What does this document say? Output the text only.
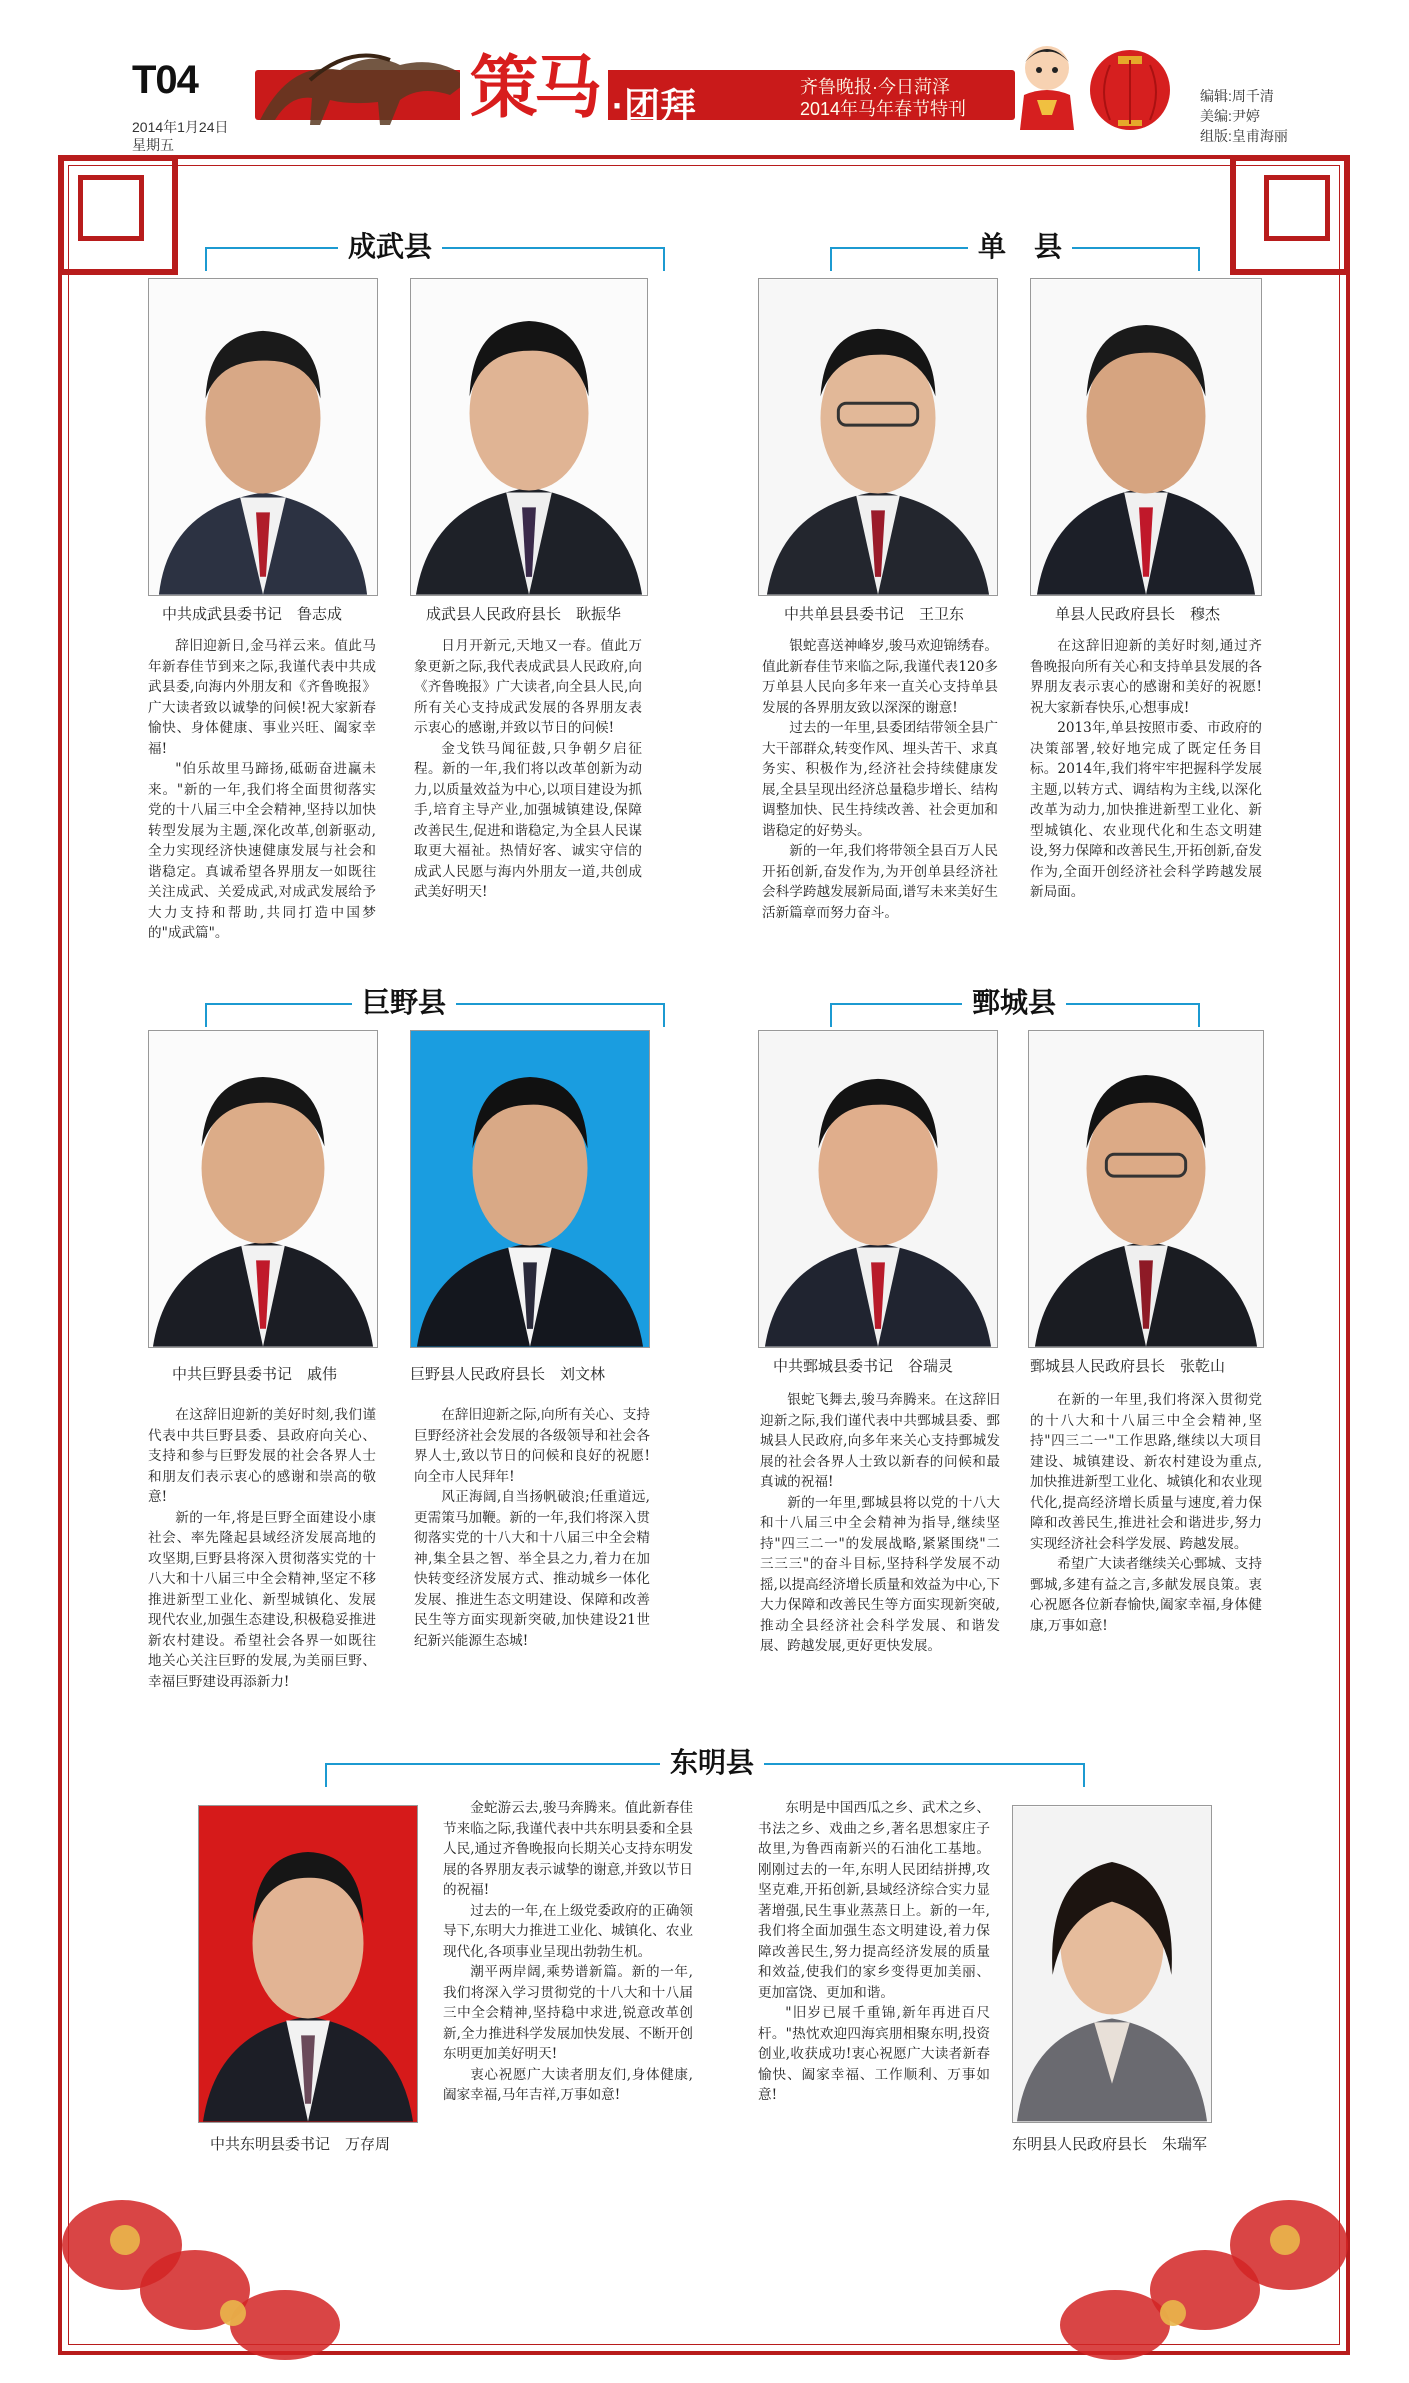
T04
2014年1月24日
星期五
策马 ·团拜	齐鲁晚报·今日菏泽
2014年马年春节特刊
编辑:周千清
美编:尹婷
组版:皇甫海丽
成武县
中共成武县委书记　鲁志成	成武县人民政府县长　耿振华

辞旧迎新日,金马祥云来。值此马年新春佳节到来之际,我谨代表中共成武县委,向海内外朋友和《齐鲁晚报》广大读者致以诚挚的问候!祝大家新春愉快、身体健康、事业兴旺、阖家幸福!

"伯乐故里马蹄扬,砥砺奋进赢未来。"新的一年,我们将全面贯彻落实党的十八届三中全会精神,坚持以加快转型发展为主题,深化改革,创新驱动,全力实现经济快速健康发展与社会和谐稳定。真诚希望各界朋友一如既往关注成武、关爱成武,对成武发展给予大力支持和帮助,共同打造中国梦的"成武篇"。

日月开新元,天地又一春。值此万象更新之际,我代表成武县人民政府,向《齐鲁晚报》广大读者,向全县人民,向所有关心支持成武发展的各界朋友表示衷心的感谢,并致以节日的问候!

金戈铁马闻征鼓,只争朝夕启征程。新的一年,我们将以改革创新为动力,以质量效益为中心,以项目建设为抓手,培育主导产业,加强城镇建设,保障改善民生,促进和谐稳定,为全县人民谋取更大福祉。热情好客、诚实守信的成武人民愿与海内外朋友一道,共创成武美好明天!

单　县
中共单县县委书记　王卫东	单县人民政府县长　穆杰

银蛇喜送神峰岁,骏马欢迎锦绣春。值此新春佳节来临之际,我谨代表120多万单县人民向多年来一直关心支持单县发展的各界朋友致以深深的谢意!

过去的一年里,县委团结带领全县广大干部群众,转变作风、埋头苦干、求真务实、积极作为,经济社会持续健康发展,全县呈现出经济总量稳步增长、结构调整加快、民生持续改善、社会更加和谐稳定的好势头。

新的一年,我们将带领全县百万人民开拓创新,奋发作为,为开创单县经济社会科学跨越发展新局面,谱写未来美好生活新篇章而努力奋斗。

在这辞旧迎新的美好时刻,通过齐鲁晚报向所有关心和支持单县发展的各界朋友表示衷心的感谢和美好的祝愿!祝大家新春快乐,心想事成!

2013年,单县按照市委、市政府的决策部署,较好地完成了既定任务目标。2014年,我们将牢牢把握科学发展主题,以转方式、调结构为主线,以深化改革为动力,加快推进新型工业化、新型城镇化、农业现代化和生态文明建设,努力保障和改善民生,开拓创新,奋发作为,全面开创经济社会科学跨越发展新局面。

巨野县
中共巨野县委书记　戚伟	巨野县人民政府县长　刘文林

在这辞旧迎新的美好时刻,我们谨代表中共巨野县委、县政府向关心、支持和参与巨野发展的社会各界人士和朋友们表示衷心的感谢和崇高的敬意!

新的一年,将是巨野全面建设小康社会、率先隆起县域经济发展高地的攻坚期,巨野县将深入贯彻落实党的十八大和十八届三中全会精神,坚定不移推进新型工业化、新型城镇化、发展现代农业,加强生态建设,积极稳妥推进新农村建设。希望社会各界一如既往地关心关注巨野的发展,为美丽巨野、幸福巨野建设再添新力!

在辞旧迎新之际,向所有关心、支持巨野经济社会发展的各级领导和社会各界人士,致以节日的问候和良好的祝愿!向全市人民拜年!

风正海阔,自当扬帆破浪;任重道远,更需策马加鞭。新的一年,我们将深入贯彻落实党的十八大和十八届三中全会精神,集全县之智、举全县之力,着力在加快转变经济发展方式、推动城乡一体化发展、推进生态文明建设、保障和改善民生等方面实现新突破,加快建设21世纪新兴能源生态城!

鄄城县
中共鄄城县委书记　谷瑞灵	鄄城县人民政府县长　张乾山

银蛇飞舞去,骏马奔腾来。在这辞旧迎新之际,我们谨代表中共鄄城县委、鄄城县人民政府,向多年来关心支持鄄城发展的社会各界人士致以新春的问候和最真诚的祝福!

新的一年里,鄄城县将以党的十八大和十八届三中全会精神为指导,继续坚持"四三二一"的发展战略,紧紧围绕"二三三三"的奋斗目标,坚持科学发展不动摇,以提高经济增长质量和效益为中心,下大力保障和改善民生等方面实现新突破,推动全县经济社会科学发展、和谐发展、跨越发展,更好更快发展。

在新的一年里,我们将深入贯彻党的十八大和十八届三中全会精神,坚持"四三二一"工作思路,继续以大项目建设、城镇建设、新农村建设为重点,加快推进新型工业化、城镇化和农业现代化,提高经济增长质量与速度,着力保障和改善民生,推进社会和谐进步,努力实现经济社会科学发展、跨越发展。

希望广大读者继续关心鄄城、支持鄄城,多建有益之言,多献发展良策。衷心祝愿各位新春愉快,阖家幸福,身体健康,万事如意!

东明县
中共东明县委书记　万存周

金蛇游云去,骏马奔腾来。值此新春佳节来临之际,我谨代表中共东明县委和全县人民,通过齐鲁晚报向长期关心支持东明发展的各界朋友表示诚挚的谢意,并致以节日的祝福!

过去的一年,在上级党委政府的正确领导下,东明大力推进工业化、城镇化、农业现代化,各项事业呈现出勃勃生机。

潮平两岸阔,乘势谱新篇。新的一年,我们将深入学习贯彻党的十八大和十八届三中全会精神,坚持稳中求进,锐意改革创新,全力推进科学发展加快发展、不断开创东明更加美好明天!

衷心祝愿广大读者朋友们,身体健康,阖家幸福,马年吉祥,万事如意!

东明是中国西瓜之乡、武术之乡、书法之乡、戏曲之乡,著名思想家庄子故里,为鲁西南新兴的石油化工基地。刚刚过去的一年,东明人民团结拼搏,攻坚克难,开拓创新,县域经济综合实力显著增强,民生事业蒸蒸日上。新的一年,我们将全面加强生态文明建设,着力保障改善民生,努力提高经济发展的质量和效益,使我们的家乡变得更加美丽、更加富饶、更加和谐。

"旧岁已展千重锦,新年再进百尺杆。"热忱欢迎四海宾朋相聚东明,投资创业,收获成功!衷心祝愿广大读者新春愉快、阖家幸福、工作顺利、万事如意!

东明县人民政府县长　朱瑞军
